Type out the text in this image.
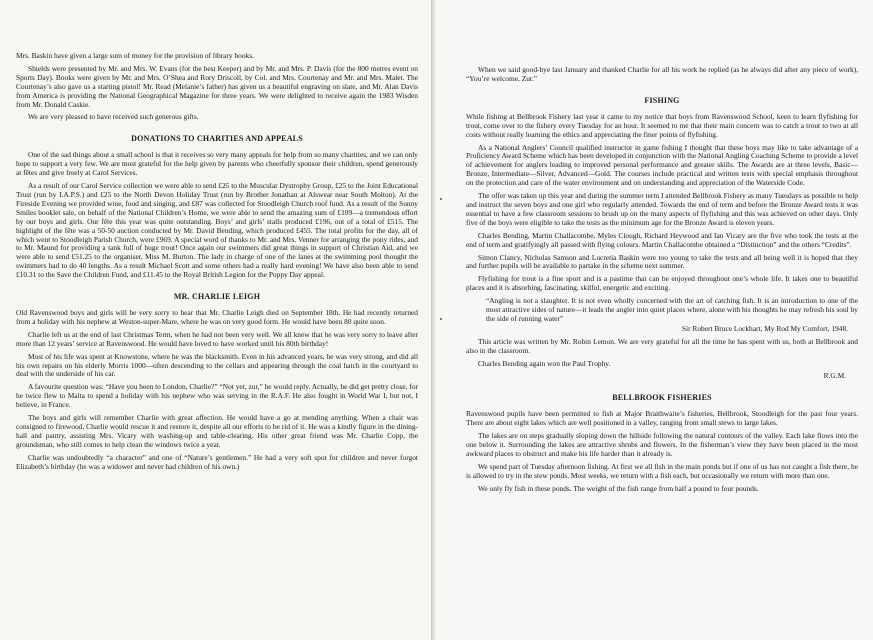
Mrs. Baskin have given a large sum of money for the provision of library books.

Shields were presented by Mr. and Mrs. W. Evans (for the best Keeper) and by Mr. and Mrs. P. Davis (for the 800 metres event on Sports Day). Books were given by Mr. and Mrs. O’Shea and Rory Driscoll, by Col. and Mrs. Courtenay and Mr. and Mrs. Malet. The Courtenay’s also gave us a starting pistol! Mr. Read (Melanie’s father) has given us a beautiful engraving on slate, and Mr. Alan Davis from America is providing the National Geographical Magazine for three years. We were delighted to receive again the 1983 Wisden from Mr. Donald Caskie.

We are very pleased to have received such generous gifts.

DONATIONS TO CHARITIES AND APPEALS

One of the sad things about a small school is that it receives so very many appeals for help from so many charities, and we can only hope to support a very few. We are most grateful for the help given by parents who cheerfully sponsor their children, spend generously at fêtes and give freely at Carol Services.

As a result of our Carol Service collection we were able to send £25 to the Muscular Dystrophy Group, £25 to the Joint Educational Trust (run by I.A.P.S.) and £25 to the North Devon Holiday Trust (run by Brother Jonathan at Alswear near South Molton). At the Fireside Evening we provided wine, food and singing, and £87 was collected for Stoodleigh Church roof fund. As a result of the Sunny Smiles booklet sale, on behalf of the National Children’s Home, we were able to send the amazing sum of £109—a tremendous effort by our boys and girls. Our fête this year was quite outstanding. Boys’ and girls’ stalls produced £196, out of a total of £515. The highlight of the fête was a 50-50 auction conducted by Mr. David Bending, which produced £455. The total profits for the day, all of which went to Stoodleigh Parish Church, were £969. A special word of thanks to Mr. and Mrs. Venner for arranging the pony rides, and to Mr. Maund for providing a tank full of huge trout! Once again our swimmers did great things in support of Christian Aid, and we were able to send £51.25 to the organiser, Miss M. Burton. The lady in charge of one of the lanes at the swimming pool thought the swimmers had to do 40 lengths. As a result Michael Scott and some others had a really hard evening! We have also been able to send £10.31 to the Save the Children Fund, and £11.45 to the Royal British Legion for the Poppy Day appeal.

MR. CHARLIE LEIGH

Old Ravenswood boys and girls will be very sorry to hear that Mr. Charlie Leigh died on September 18th. He had recently returned from a holiday with his nephew at Weston-super-Mare, where he was on very good form. He would have been 80 quite soon.

Charlie left us at the end of last Christmas Term, when he had not been very well. We all knew that he was very sorry to leave after more than 12 years’ service at Ravenswood. He would have loved to have worked until his 80th birthday!

Most of his life was spent at Knowstone, where he was the blacksmith. Even in his advanced years, he was very strong, and did all his own repairs on his elderly Morris 1000—often descending to the cellars and appearing through the coal hatch in the courtyard to deal with the underside of his car.

A favourite question was: “Have you been to London, Charlie?” “Not yet, zur,” he would reply. Actually, he did get pretty close, for he twice flew to Malta to spend a holiday with his nephew who was serving in the R.A.F. He also fought in World War I, but not, I believe, in France.

The boys and girls will remember Charlie with great affection. He would have a go at mending anything. When a chair was consigned to firewood, Charlie would rescue it and restore it, despite all our efforts to be rid of it. He was a kindly figure in the dining-hall and pantry, assisting Mrs. Vicary with washing-up and table-clearing. His other great friend was Mr. Charlie Copp, the groundsman, who still comes to help clean the windows twice a year.

Charlie was undoubtedly “a character” and one of “Nature’s gentlemen.” He had a very soft spot for children and never forgot Elizabeth’s birthday (he was a widower and never had children of his own.)

When we said good-bye last January and thanked Charlie for all his work he replied (as he always did after any piece of work), “You’re welcome, Zur.”

FISHING

While fishing at Bellbrook Fishery last year it came to my notice that boys from Ravenswood School, keen to learn flyfishing for trout, come over to the fishery every Tuesday for an hour. It seemed to me that their main concern was to catch a trout to two at all costs without really learning the ethics and appreciating the finer points of flyfishing.

As a National Anglers’ Council qualified instructor in game fishing I thought that these boys may like to take advantage of a Proficiency Award Scheme which has been developed in conjunction with the National Angling Coaching Scheme to provide a level of achievement for anglers leading to improved personal performance and greater skills. The Awards are at three levels, Basic—Bronze, Intermediate—Silver, Advanced—Gold. The courses include practical and written tests with special emphasis throughout on the protection and care of the water environment and on understanding and appreciation of the Waterside Code.

The offer was taken up this year and during the summer term I attended Bellbrook Fishery as many Tuesdays as possible to help and instruct the seven boys and one girl who regularly attended. Towards the end of term and before the Bronze Award tests it was essential to have a few classroom sessions to brush up on the many aspects of flyfishing and this was achieved on other days. Only five of the boys were eligible to take the tests as the minimum age for the Bronze Award is eleven years.

Charles Bending, Martin Challacombe, Myles Clough, Richard Heywood and Ian Vicary are the five who took the tests at the end of term and gratifyingly all passed with flying colours. Martin Challacombe obtained a “Distinction” and the others “Credits”.

Simon Clancy, Nicholas Samson and Lucretia Baskin were too young to take the tests and all being well it is hoped that they and further pupils will be available to partake in the scheme next summer.

Flyfishing for trout is a fine sport and is a pastime that can be enjoyed throughout one’s whole life. It takes one to beautiful places and it is absorbing, fascinating, skilful, energetic and exciting.

“Angling is not a slaughter. It is not even wholly concerned with the art of catching fish. It is an introduction to one of the most attractive sides of nature—it leads the angler into quiet places where, alone with his thoughts he may refresh his soul by the side of running water”

Sir Robert Bruce Lockhart, My Rod My Comfort, 1948.

This article was written by Mr. Robin Lemon. We are very grateful for all the time he has spent with us, both at Bellbrook and also in the classroom.

Charles Bending again won the Paul Trophy.

R.G.M.

BELLBROOK FISHERIES

Ravenswood pupils have been permitted to fish at Major Braithwaite’s fisheries, Bellbrook, Stoodleigh for the past four years. There are about eight lakes which are well positioned in a valley, ranging from small stews to large lakes.

The lakes are on steps gradually sloping down the hillside following the natural contours of the valley. Each lake flows into the one below it. Surrounding the lakes are attractive shrubs and flowers. In the fisherman’s view they have been placed in the most awkward places to obstruct and make his life harder than it already is.

We spend part of Tuesday afternoon fishing. At first we all fish in the main ponds but if one of us has not caught a fish there, he is allowed to try in the stew ponds. Most weeks, we return with a fish each, but occasionally we return with more than one.

We only fly fish in these ponds. The weight of the fish range from half a pound to four pounds.
